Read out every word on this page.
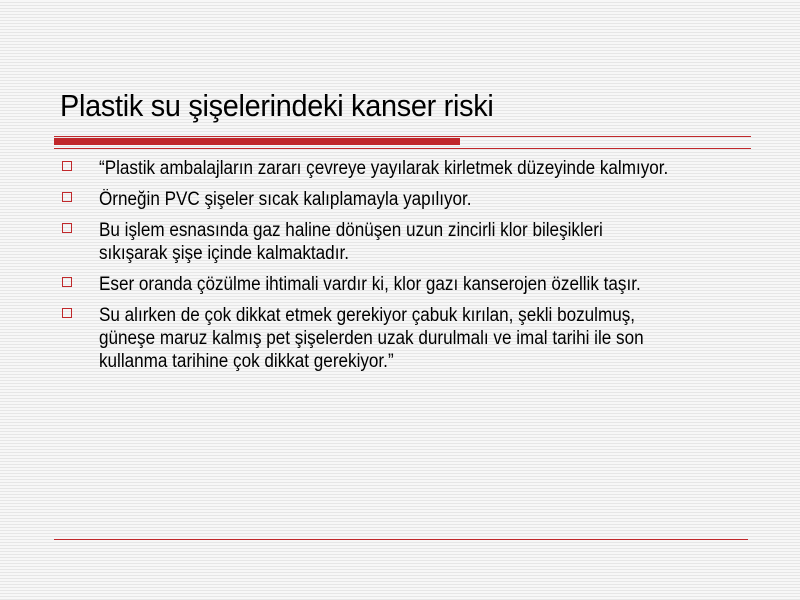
Plastik su şişelerindeki kanser riski
“Plastik ambalajların zararı çevreye yayılarak kirletmek düzeyinde kalmıyor.
Örneğin PVC şişeler sıcak kalıplamayla yapılıyor.
Bu işlem esnasında gaz haline dönüşen uzun zincirli klor bileşikleri
sıkışarak şişe içinde kalmaktadır.
Eser oranda çözülme ihtimali vardır ki, klor gazı kanserojen özellik taşır.
Su alırken de çok dikkat etmek gerekiyor çabuk kırılan, şekli bozulmuş,
güneşe maruz kalmış pet şişelerden uzak durulmalı ve imal tarihi ile son
kullanma tarihine çok dikkat gerekiyor.”
